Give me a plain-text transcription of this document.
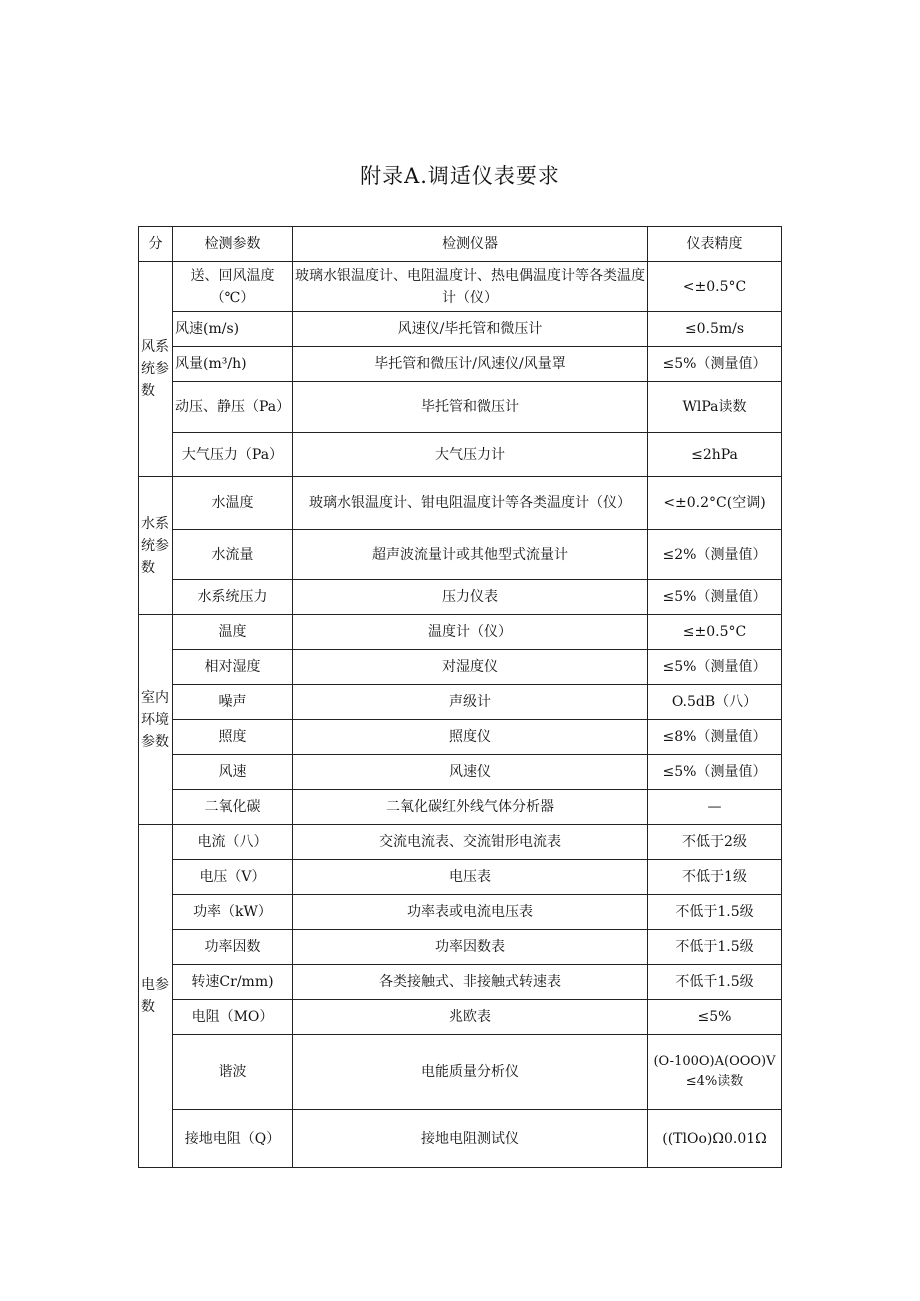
附录A.调适仪表要求
分	检测参数	检测仪器	仪表精度
风系统参数	送、回风温度（℃）	玻璃水银温度计、电阻温度计、热电偶温度计等各类温度计（仪）	<±0.5°C
	风速(m/s)	风速仪/毕托管和微压计	≤0.5m/s
	风量(m³/h)	毕托管和微压计/风速仪/风量罩	≤5%（测量值）
	动压、静压（Pa）	毕托管和微压计	WlPa读数
	大气压力（Pa）	大气压力计	≤2hPa
水系统参数	水温度	玻璃水银温度计、钳电阻温度计等各类温度计（仪）	<±0.2°C(空调)
	水流量	超声波流量计或其他型式流量计	≤2%（测量值）
	水系统压力	压力仪表	≤5%（测量值）
室内环境参数	温度	温度计（仪）	≤±0.5°C
	相对湿度	对湿度仪	≤5%（测量值）
	噪声	声级计	O.5dB（八）
	照度	照度仪	≤8%（测量值）
	风速	风速仪	≤5%（测量值）
	二氧化碳	二氧化碳红外线气体分析器	—
电参数	电流（八）	交流电流表、交流钳形电流表	不低于2级
	电压（V）	电压表	不低于1级
	功率（kW）	功率表或电流电压表	不低于1.5级
	功率因数	功率因数表	不低于1.5级
	转速Cr/mm)	各类接触式、非接触式转速表	不低千1.5级
	电阻（MO）	兆欧表	≤5%
	谐波	电能质量分析仪	(O-100O)A(OOO)V≤4%读数
	接地电阻（Q）	接地电阻测试仪	((TlOo)Ω0.01Ω
